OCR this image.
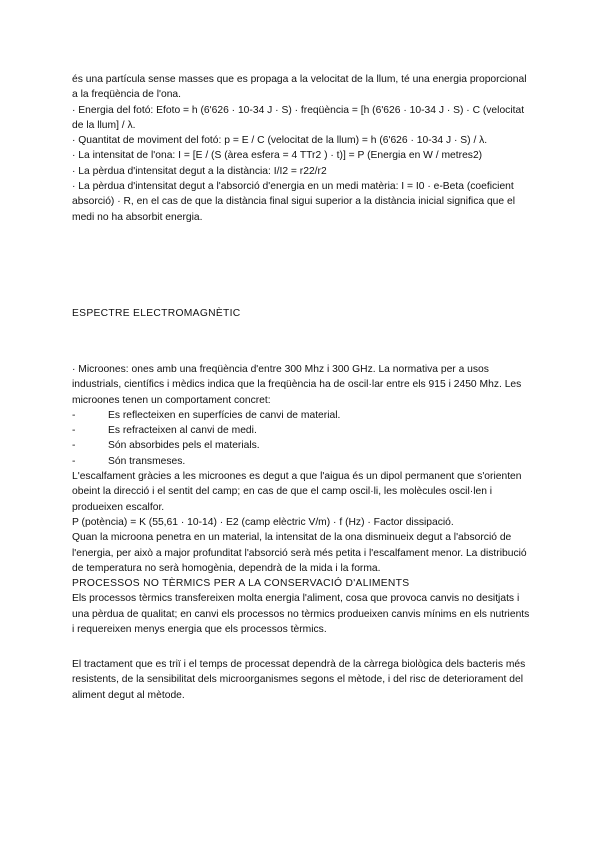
és una partícula sense masses que es propaga a la velocitat de la llum, té una energia proporcional a la freqüència de l'ona.

· Energia del fotó: Efoto = h (6'626 · 10-34 J · S) · freqüència = [h (6'626 · 10-34 J · S) · C (velocitat de la llum] / λ.

· Quantitat de moviment del fotó: p = E / C (velocitat de la llum) = h (6'626 · 10-34 J · S) / λ.

· La intensitat de l'ona: I = [E / (S (àrea esfera = 4 TTr2 ) · t)] = P (Energia en W / metres2)

· La pèrdua d'intensitat degut a la distància: I/I2 = r22/r2

· La pèrdua d'intensitat degut a l'absorció d'energia en un medi matèria: I = I0 · e-Beta (coeficient absorció) · R, en el cas de que la distància final sigui superior a la distància inicial significa que el medi no ha absorbit energia.

ESPECTRE ELECTROMAGNÈTIC

· Microones: ones amb una freqüència d'entre 300 Mhz i 300 GHz. La normativa per a usos industrials, científics i mèdics indica que la freqüència ha de oscil·lar entre els 915 i 2450 Mhz. Les microones tenen un comportament concret:

-	Es reflecteixen en superfícies de canvi de material.
-	Es refracteixen al canvi de medi.
-	Són absorbides pels el materials.
-	Són transmeses.

L'escalfament gràcies a les microones es degut a que l'aigua és un dipol permanent que s'orienten obeint la direcció i el sentit del camp; en cas de que el camp oscil·li, les molècules oscil·len i produeixen escalfor.

P (potència) = K (55,61 · 10-14) · E2 (camp elèctric V/m) · f (Hz) · Factor dissipació.

Quan la microona penetra en un material, la intensitat de la ona disminueix degut a l'absorció de l'energia, per això a major profunditat l'absorció serà més petita i l'escalfament menor. La distribució de temperatura no serà homogènia, dependrà de la mida i la forma.

PROCESSOS NO TÈRMICS PER A LA CONSERVACIÓ D'ALIMENTS

Els processos tèrmics transfereixen molta energia l'aliment, cosa que provoca canvis no desitjats i una pèrdua de qualitat; en canvi els processos no tèrmics produeixen canvis mínims en els nutrients i requereixen menys energia que els processos tèrmics.

El tractament que es triï i el temps de processat dependrà de la càrrega biològica dels bacteris més resistents, de la sensibilitat dels microorganismes segons el mètode, i del risc de deteriorament del aliment degut al mètode.
